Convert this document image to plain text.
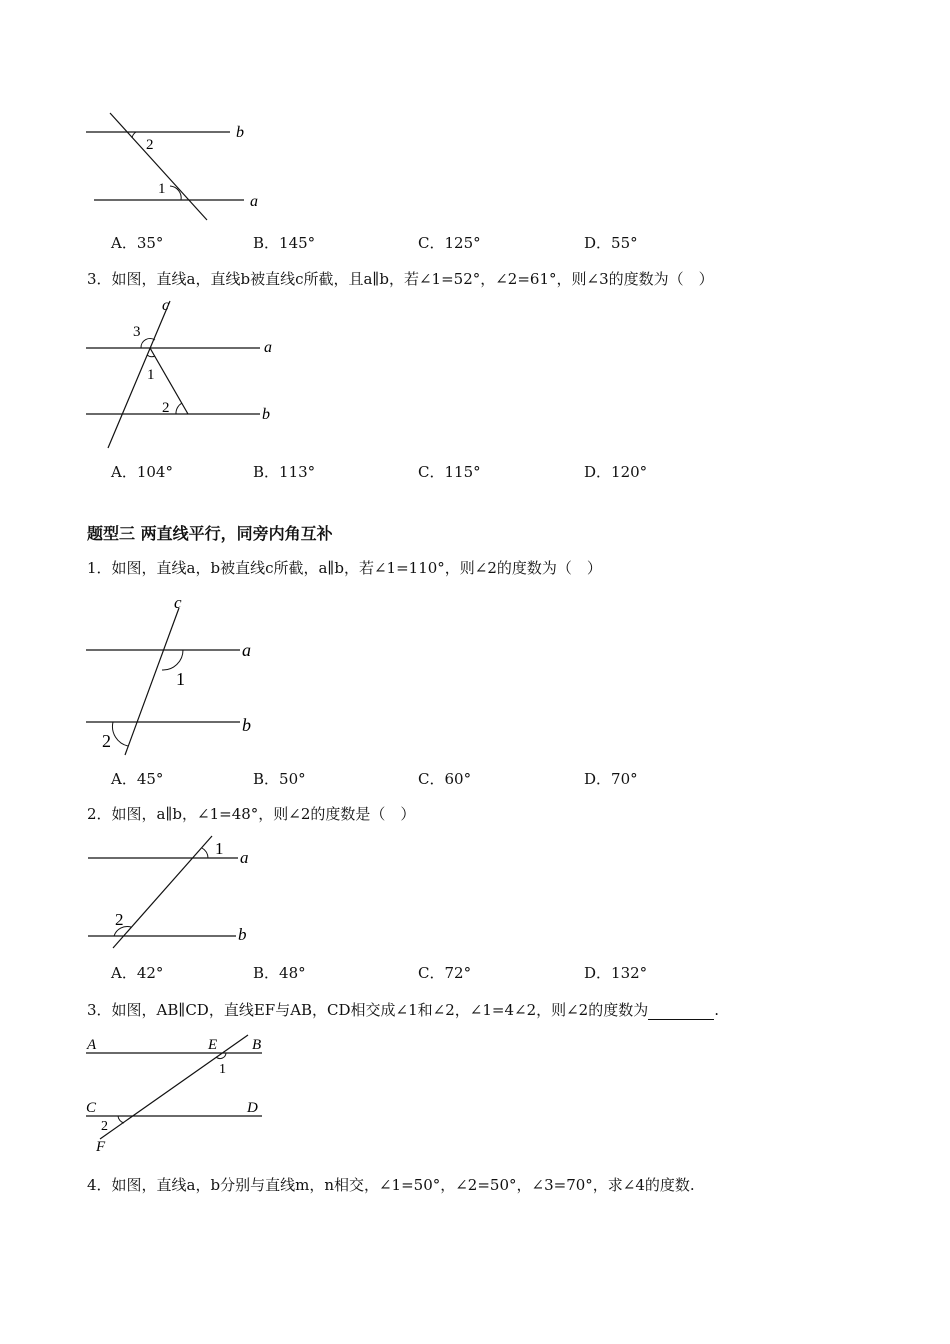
b
a
2
1
A．35°	B．145°	C．125°	D．55°
3．如图，直线a，直线b被直线c所截，且a∥b，若∠1=52°，∠2=61°，则∠3的度数为（　）
c
a
b
3
1
2
A．104°	B．113°	C．115°	D．120°
题型三 两直线平行，同旁内角互补
1．如图，直线a，b被直线c所截，a∥b，若∠1=110°，则∠2的度数为（　）
c
a
b
1
2
A．45°	B．50°	C．60°	D．70°
2．如图，a∥b，∠1=48°，则∠2的度数是（　）
1 a
2
b
A．42°	B．48°	C．72°	D．132°
3．如图，AB∥CD，直线EF与AB，CD相交成∠1和∠2，∠1=4∠2，则∠2的度数为	.
A	E B
1
C	D
2
F
4．如图，直线a，b分别与直线m，n相交，∠1=50°，∠2=50°，∠3=70°，求∠4的度数.
